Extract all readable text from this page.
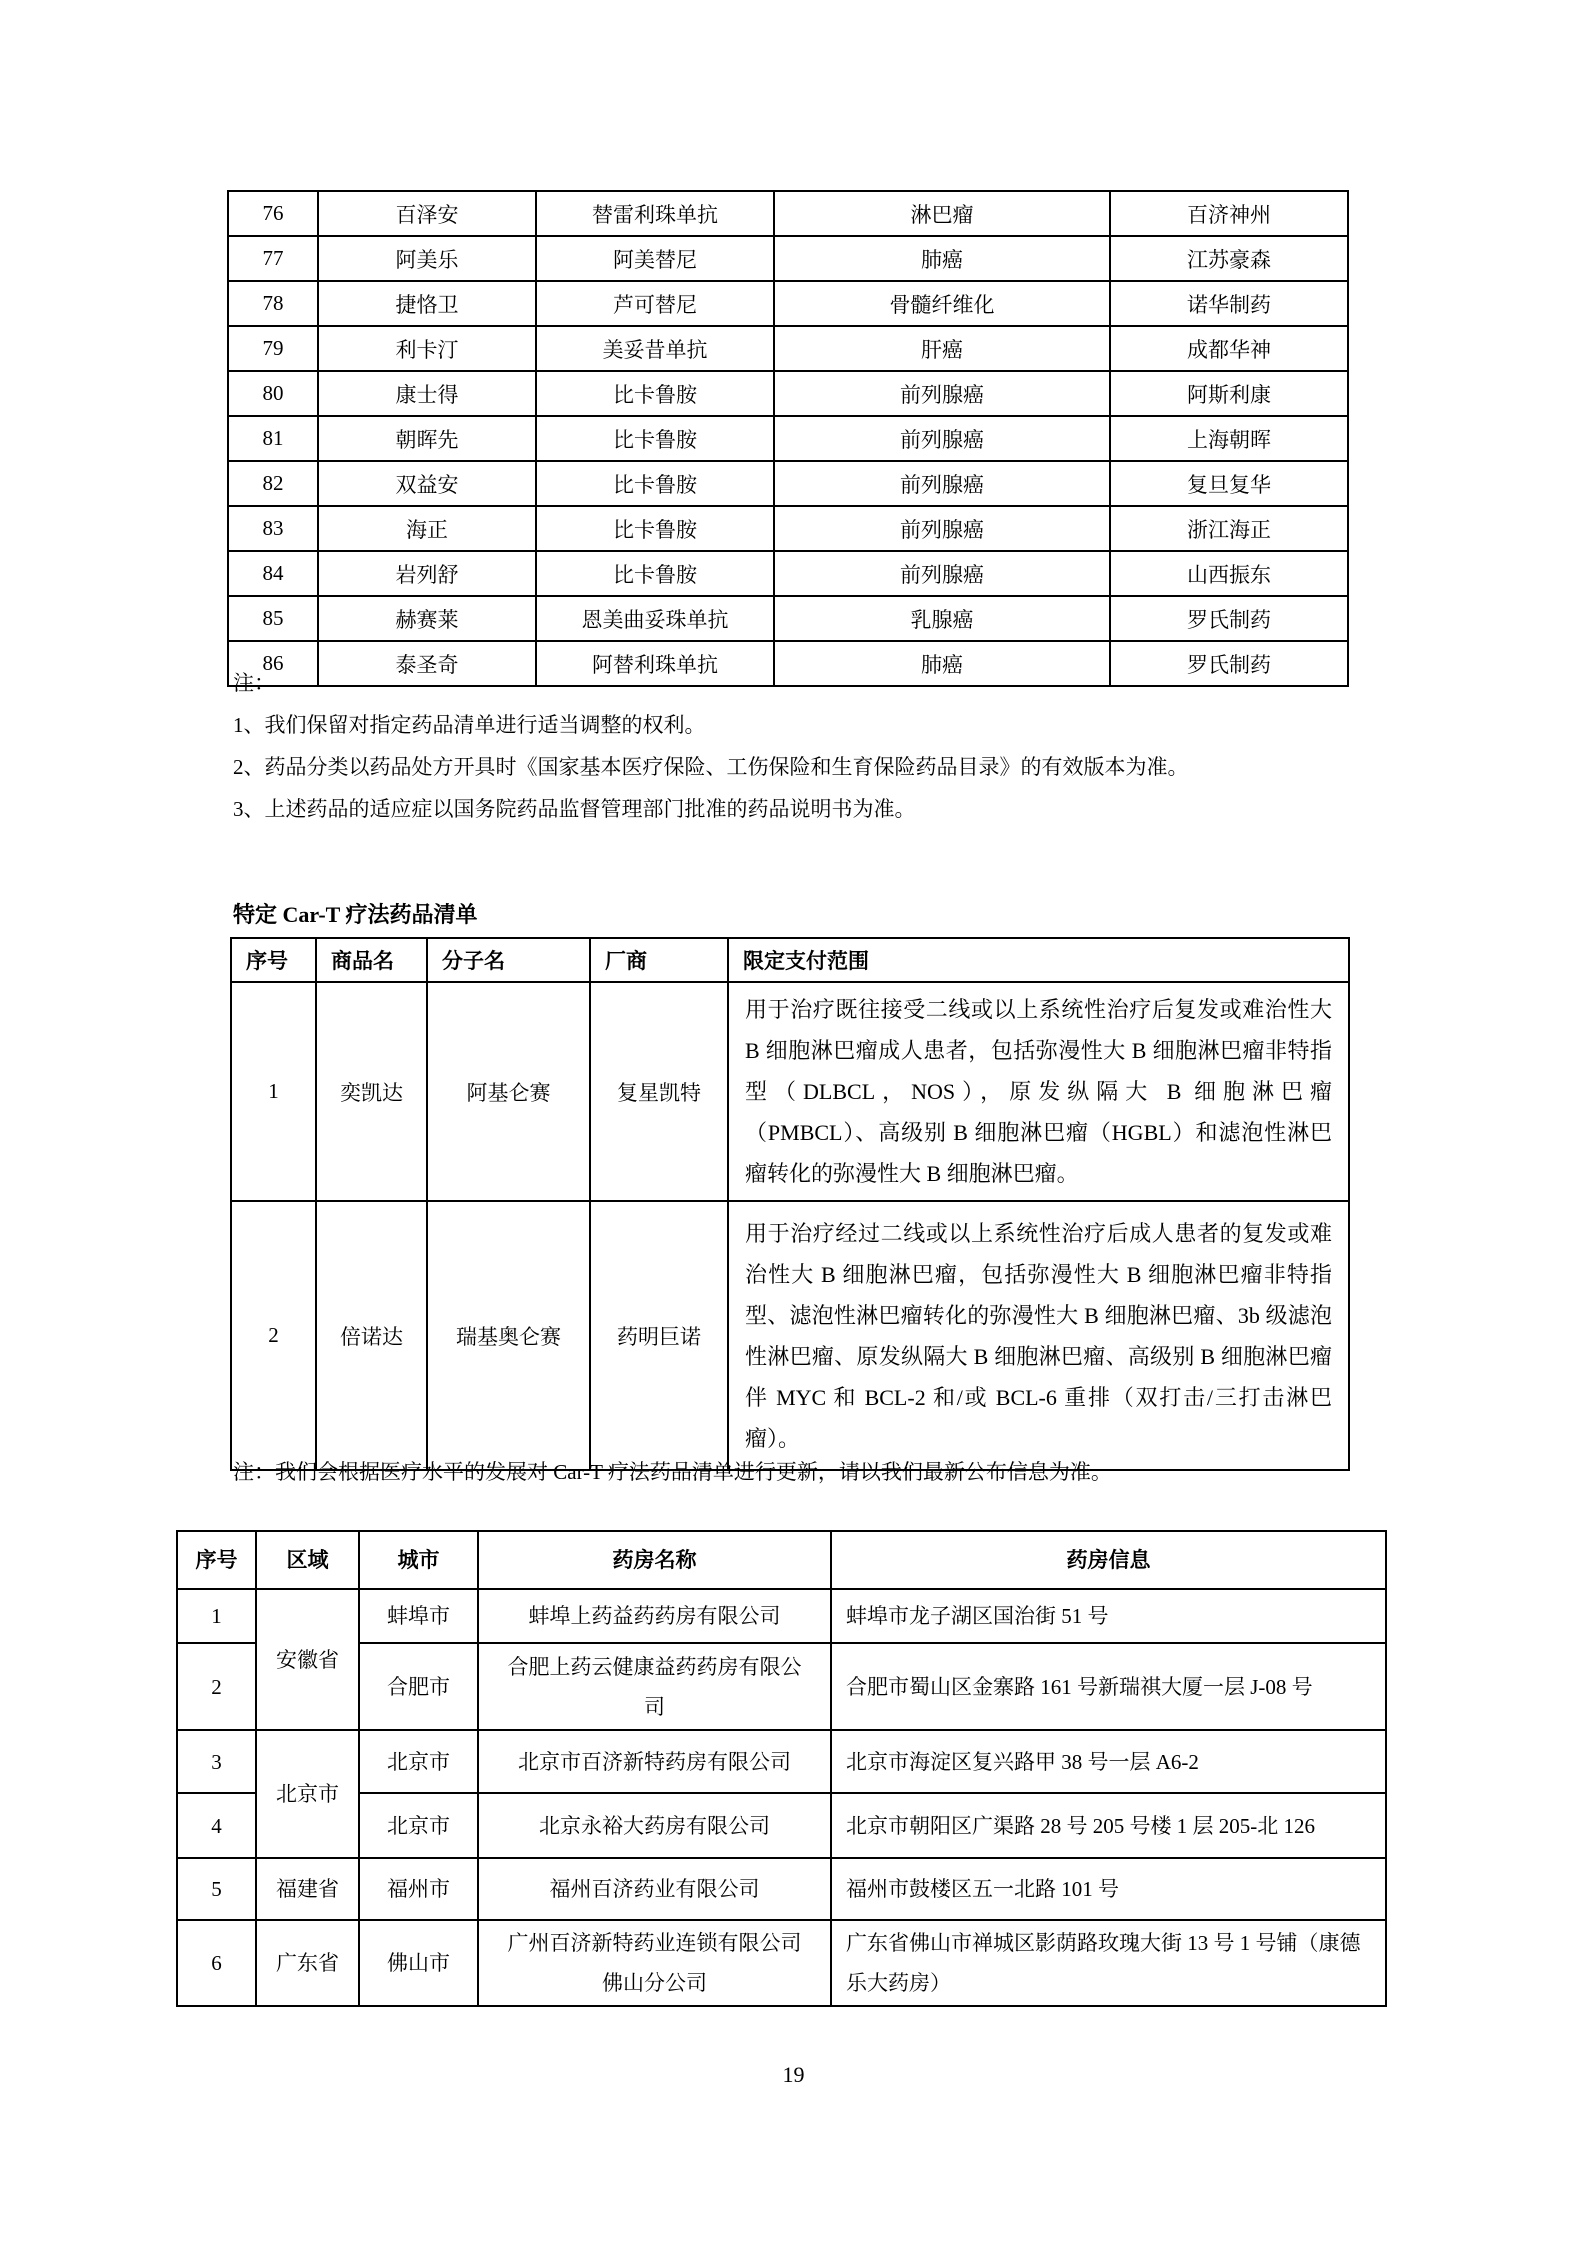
76	百泽安	替雷利珠单抗	淋巴瘤	百济神州
77	阿美乐	阿美替尼	肺癌	江苏豪森
78	捷恪卫	芦可替尼	骨髓纤维化	诺华制药
79	利卡汀	美妥昔单抗	肝癌	成都华神
80	康士得	比卡鲁胺	前列腺癌	阿斯利康
81	朝晖先	比卡鲁胺	前列腺癌	上海朝晖
82	双益安	比卡鲁胺	前列腺癌	复旦复华
83	海正	比卡鲁胺	前列腺癌	浙江海正
84	岩列舒	比卡鲁胺	前列腺癌	山西振东
85	赫赛莱	恩美曲妥珠单抗	乳腺癌	罗氏制药
86	泰圣奇	阿替利珠单抗	肺癌	罗氏制药
注：
1、我们保留对指定药品清单进行适当调整的权利。
2、药品分类以药品处方开具时《国家基本医疗保险、工伤保险和生育保险药品目录》的有效版本为准。
3、上述药品的适应症以国务院药品监督管理部门批准的药品说明书为准。
特定 Car-T 疗法药品清单
序号	商品名	分子名	厂商	限定支付范围
1	奕凯达	阿基仑赛	复星凯特	用于治疗既往接受二线或以上系统性治疗后复发或难治性大 B 细胞淋巴瘤成人患者，包括弥漫性大 B 细胞淋巴瘤非特指型（DLBCL，NOS），原发纵隔大 B 细胞淋巴瘤（PMBCL）、高级别 B 细胞淋巴瘤（HGBL）和滤泡性淋巴瘤转化的弥漫性大 B 细胞淋巴瘤。
2	倍诺达	瑞基奥仑赛	药明巨诺	用于治疗经过二线或以上系统性治疗后成人患者的复发或难治性大 B 细胞淋巴瘤，包括弥漫性大 B 细胞淋巴瘤非特指型、滤泡性淋巴瘤转化的弥漫性大 B 细胞淋巴瘤、3b 级滤泡性淋巴瘤、原发纵隔大 B 细胞淋巴瘤、高级别 B 细胞淋巴瘤伴 MYC 和 BCL-2 和/或 BCL-6 重排（双打击/三打击淋巴瘤）。
注：我们会根据医疗水平的发展对 Car-T 疗法药品清单进行更新，请以我们最新公布信息为准。
序号	区域	城市	药房名称	药房信息
1	安徽省	蚌埠市	蚌埠上药益药药房有限公司	蚌埠市龙子湖区国治街 51 号
2		合肥市	合肥上药云健康益药药房有限公司	合肥市蜀山区金寨路 161 号新瑞祺大厦一层 J-08 号
3	北京市	北京市	北京市百济新特药房有限公司	北京市海淀区复兴路甲 38 号一层 A6-2
4		北京市	北京永裕大药房有限公司	北京市朝阳区广渠路 28 号 205 号楼 1 层 205-北 126
5	福建省	福州市	福州百济药业有限公司	福州市鼓楼区五一北路 101 号
6	广东省	佛山市	广州百济新特药业连锁有限公司佛山分公司	广东省佛山市禅城区影荫路玫瑰大街 13 号 1 号铺（康德乐大药房）
19
